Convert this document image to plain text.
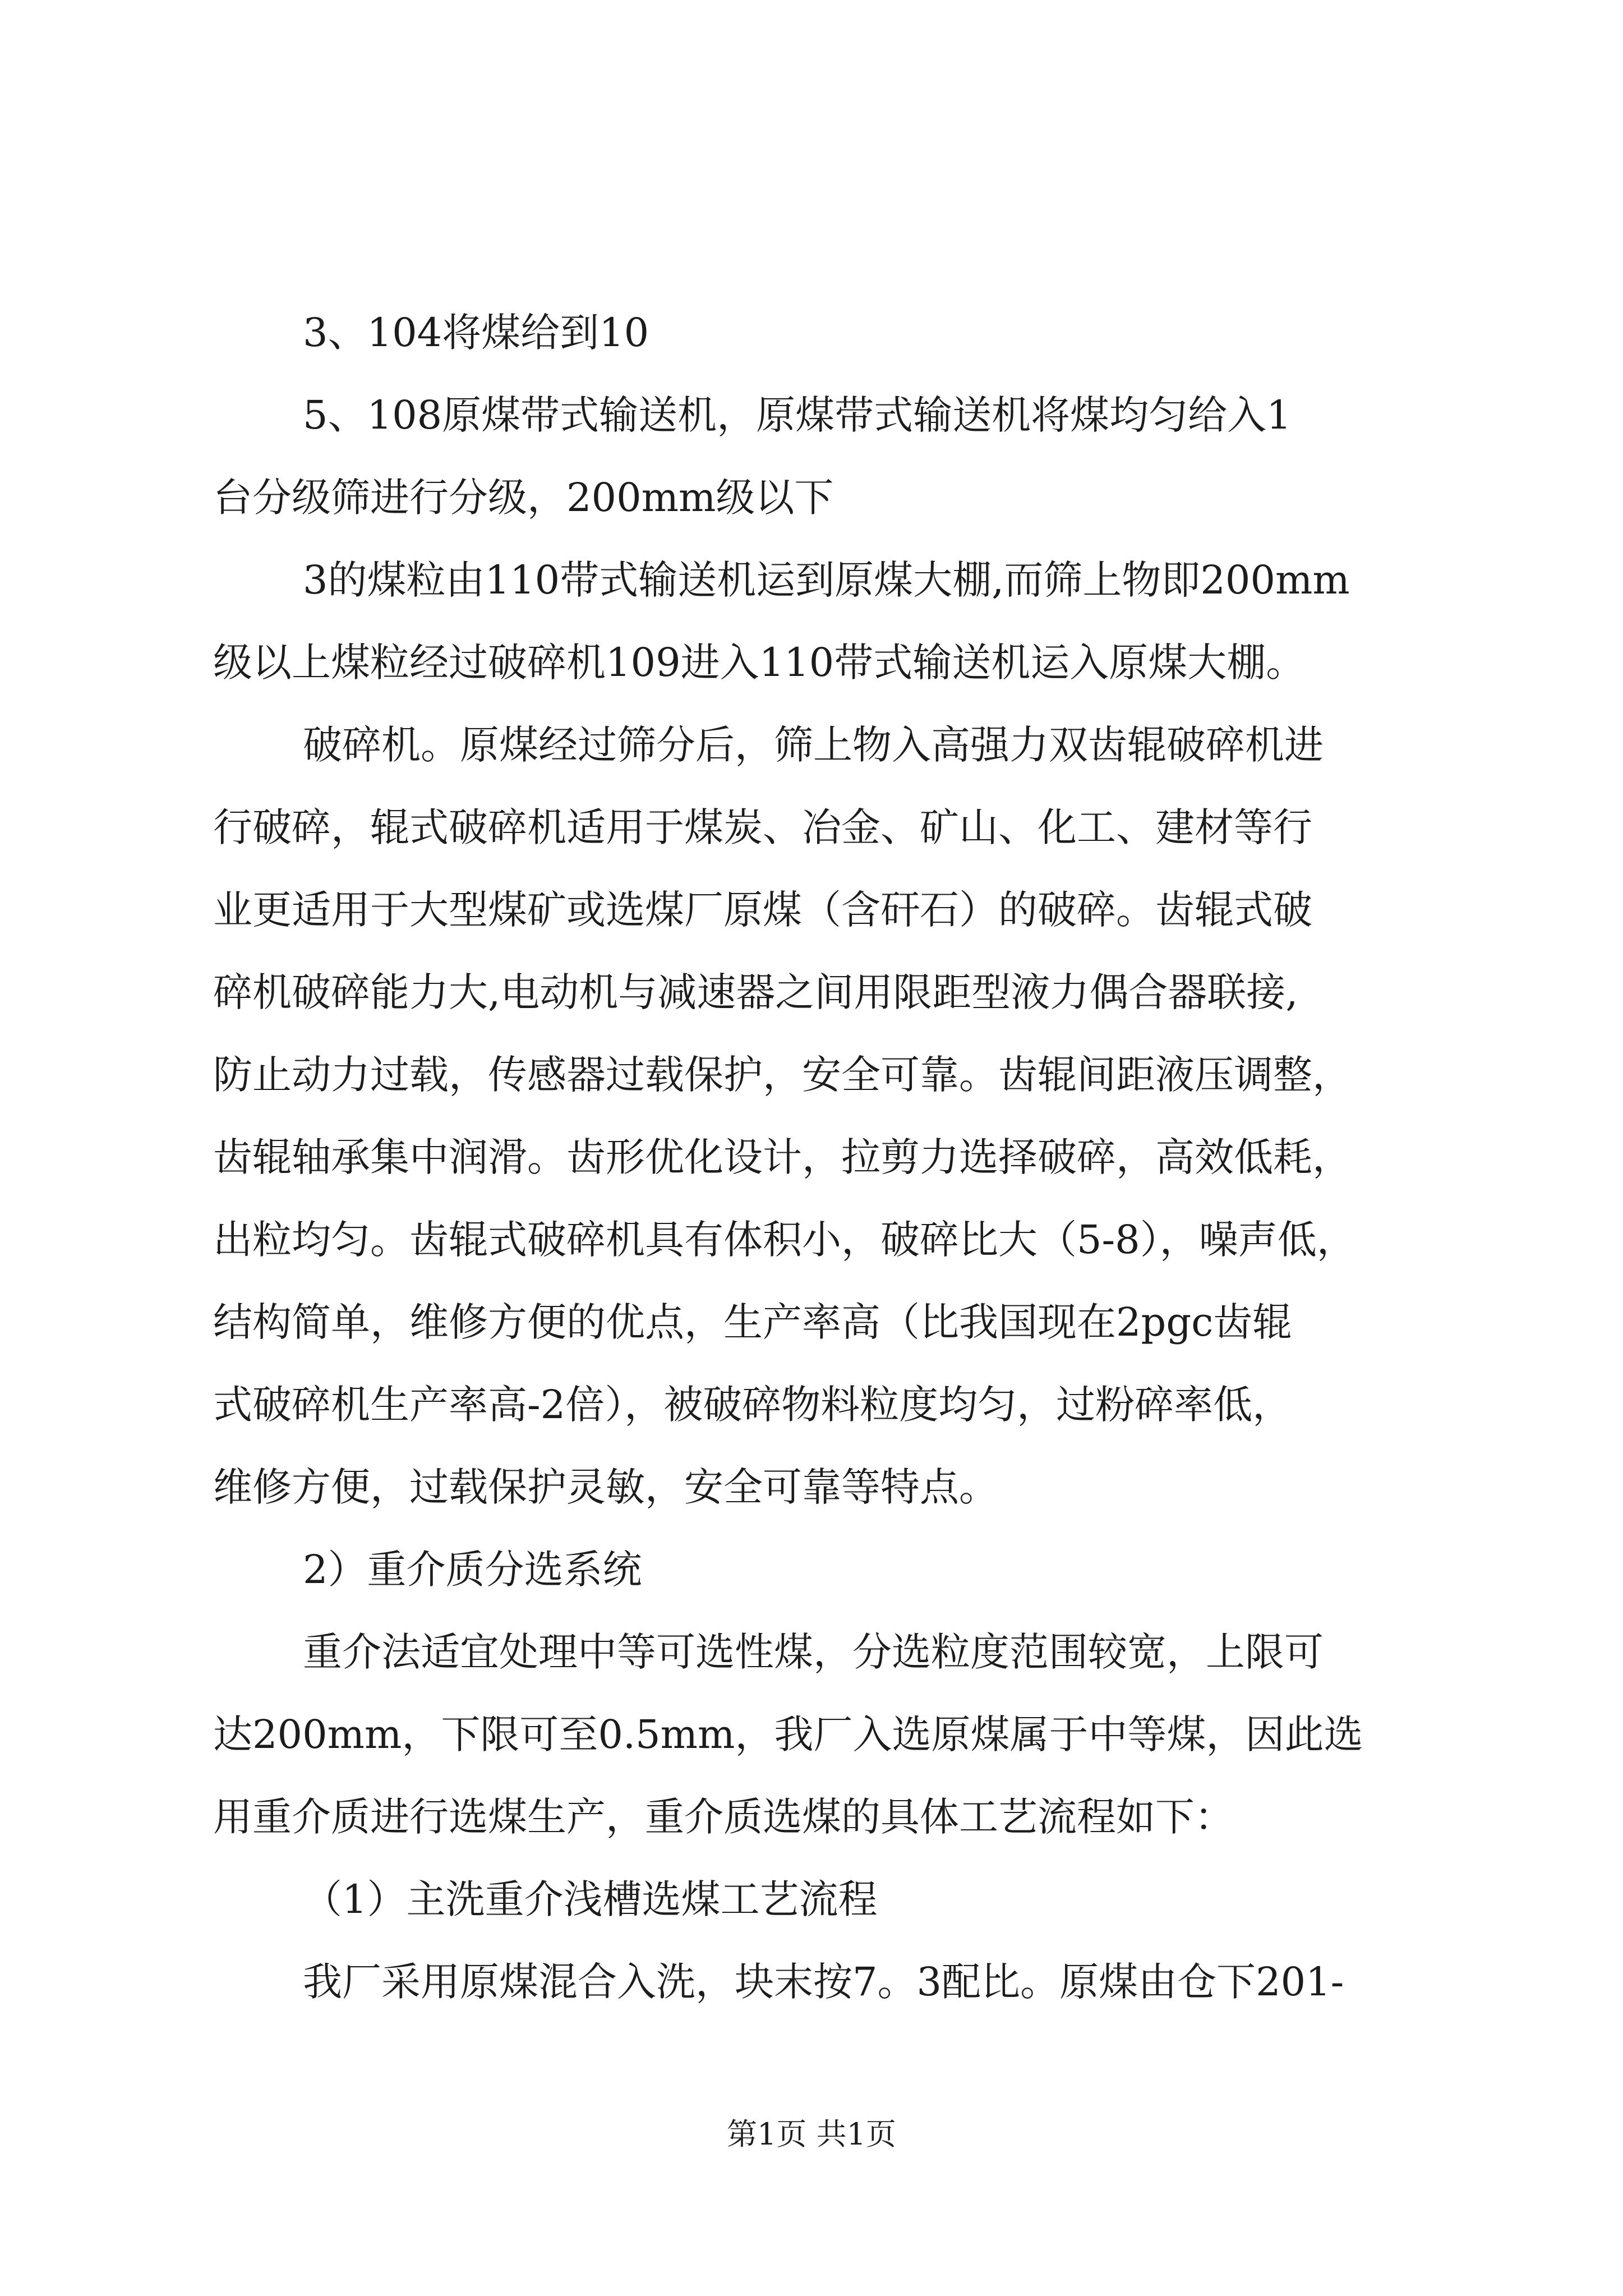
3、104将煤给到10

5、108原煤带式输送机，原煤带式输送机将煤均匀给入1

台分级筛进行分级，200mm级以下

3的煤粒由110带式输送机运到原煤大棚,而筛上物即200mm

级以上煤粒经过破碎机109进入110带式输送机运入原煤大棚。

破碎机。原煤经过筛分后，筛上物入高强力双齿辊破碎机进

行破碎，辊式破碎机适用于煤炭、冶金、矿山、化工、建材等行

业更适用于大型煤矿或选煤厂原煤（含矸石）的破碎。齿辊式破

碎机破碎能力大,电动机与减速器之间用限距型液力偶合器联接,

防止动力过载，传感器过载保护，安全可靠。齿辊间距液压调整，

齿辊轴承集中润滑。齿形优化设计，拉剪力选择破碎，高效低耗，

出粒均匀。齿辊式破碎机具有体积小，破碎比大（5-8），噪声低，

结构简单，维修方便的优点，生产率高（比我国现在2pgc齿辊

式破碎机生产率高-2倍），被破碎物料粒度均匀，过粉碎率低，

维修方便，过载保护灵敏，安全可靠等特点。

2）重介质分选系统

重介法适宜处理中等可选性煤，分选粒度范围较宽，上限可

达200mm，下限可至0.5mm，我厂入选原煤属于中等煤，因此选

用重介质进行选煤生产，重介质选煤的具体工艺流程如下：

（1）主洗重介浅槽选煤工艺流程

我厂采用原煤混合入洗，块末按7。3配比。原煤由仓下201-

第1页 共1页
